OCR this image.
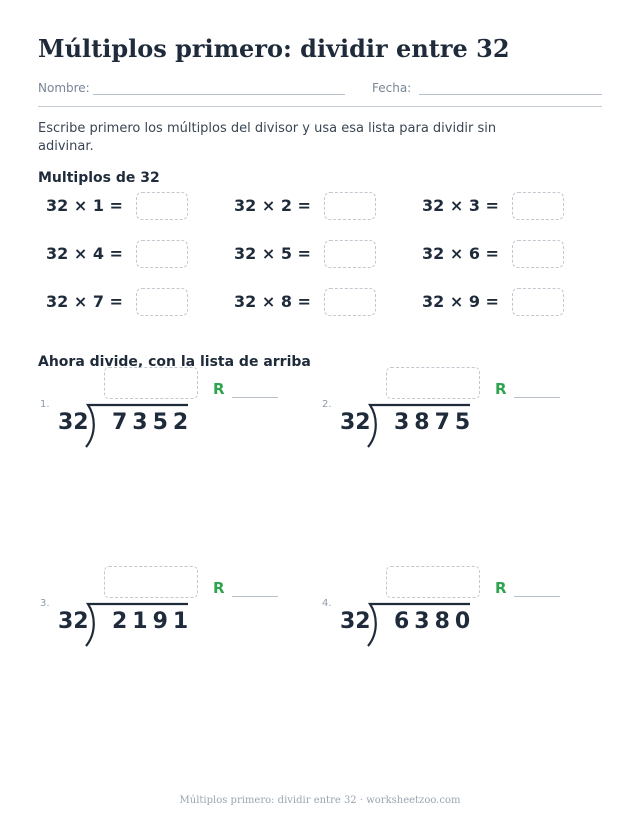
Múltiplos primero: dividir entre 32
Nombre:	Fecha:
Escribe primero los múltiplos del divisor y usa esa lista para dividir sin adivinar.
Multiplos de 32
32 × 1 =	32 × 2 =	32 × 3 =
32 × 4 =	32 × 5 =	32 × 6 =
32 × 7 =	32 × 8 =	32 × 9 =
Ahora divide, con la lista de arriba
1.
R
32 7352
2.
R
32 3875
3.
R
32 2191
4.
R
32 6380
Múltiplos primero: dividir entre 32 · worksheetzoo.com
